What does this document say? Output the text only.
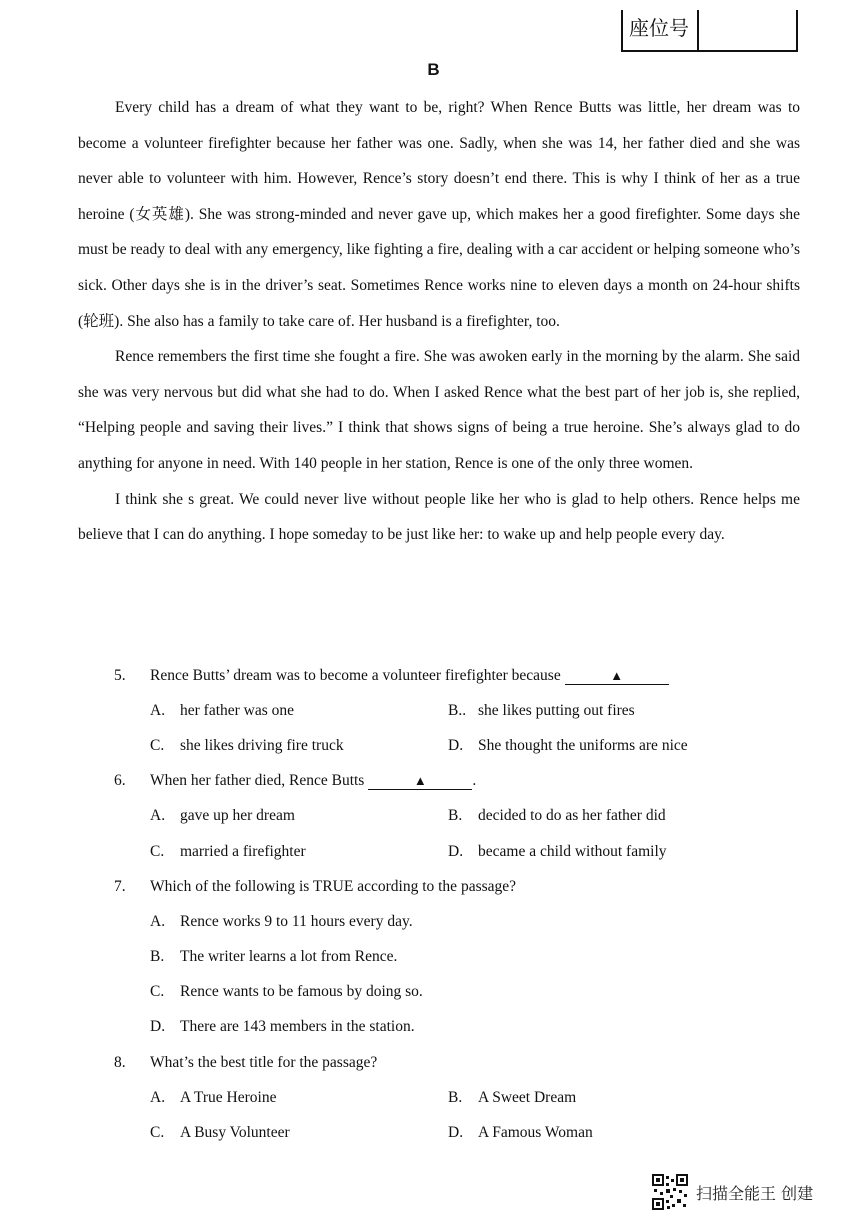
座位号
B

Every child has a dream of what they want to be, right? When Rence Butts was little, her dream was to become a volunteer firefighter because her father was one. Sadly, when she was 14, her father died and she was never able to volunteer with him. However, Rence’s story doesn’t end there. This is why I think of her as a true heroine (女英雄). She was strong-minded and never gave up, which makes her a good firefighter. Some days she must be ready to deal with any emergency, like fighting a fire, dealing with a car accident or helping someone who’s sick. Other days she is in the driver’s seat. Sometimes Rence works nine to eleven days a month on 24-hour shifts (轮班). She also has a family to take care of. Her husband is a firefighter, too.

Rence remembers the first time she fought a fire. She was awoken early in the morning by the alarm. She said she was very nervous but did what she had to do. When I asked Rence what the best part of her job is, she replied, “Helping people and saving their lives.” I think that shows signs of being a true heroine. She’s always glad to do anything for anyone in need. With 140 people in her station, Rence is one of the only three women.

I think she s great. We could never live without people like her who is glad to help others. Rence helps me believe that I can do anything. I hope someday to be just like her: to wake up and help people every day.

5.	Rence Butts’ dream was to become a volunteer firefighter because	▲
A. her father was one	B.. she likes putting out fires
C. she likes driving fire truck	D. She thought the uniforms are nice
6.	When her father died, Rence Butts	▲	.
A. gave up her dream	B. decided to do as her father did
C. married a firefighter	D. became a child without family
7.	Which of the following is TRUE according to the passage?
A. Rence works 9 to 11 hours every day.
B. The writer learns a lot from Rence.
C. Rence wants to be famous by doing so.
D. There are 143 members in the station.
8.	What’s the best title for the passage?
A. A True Heroine	B. A Sweet Dream
C. A Busy Volunteer	D. A Famous Woman
扫描全能王 创建
